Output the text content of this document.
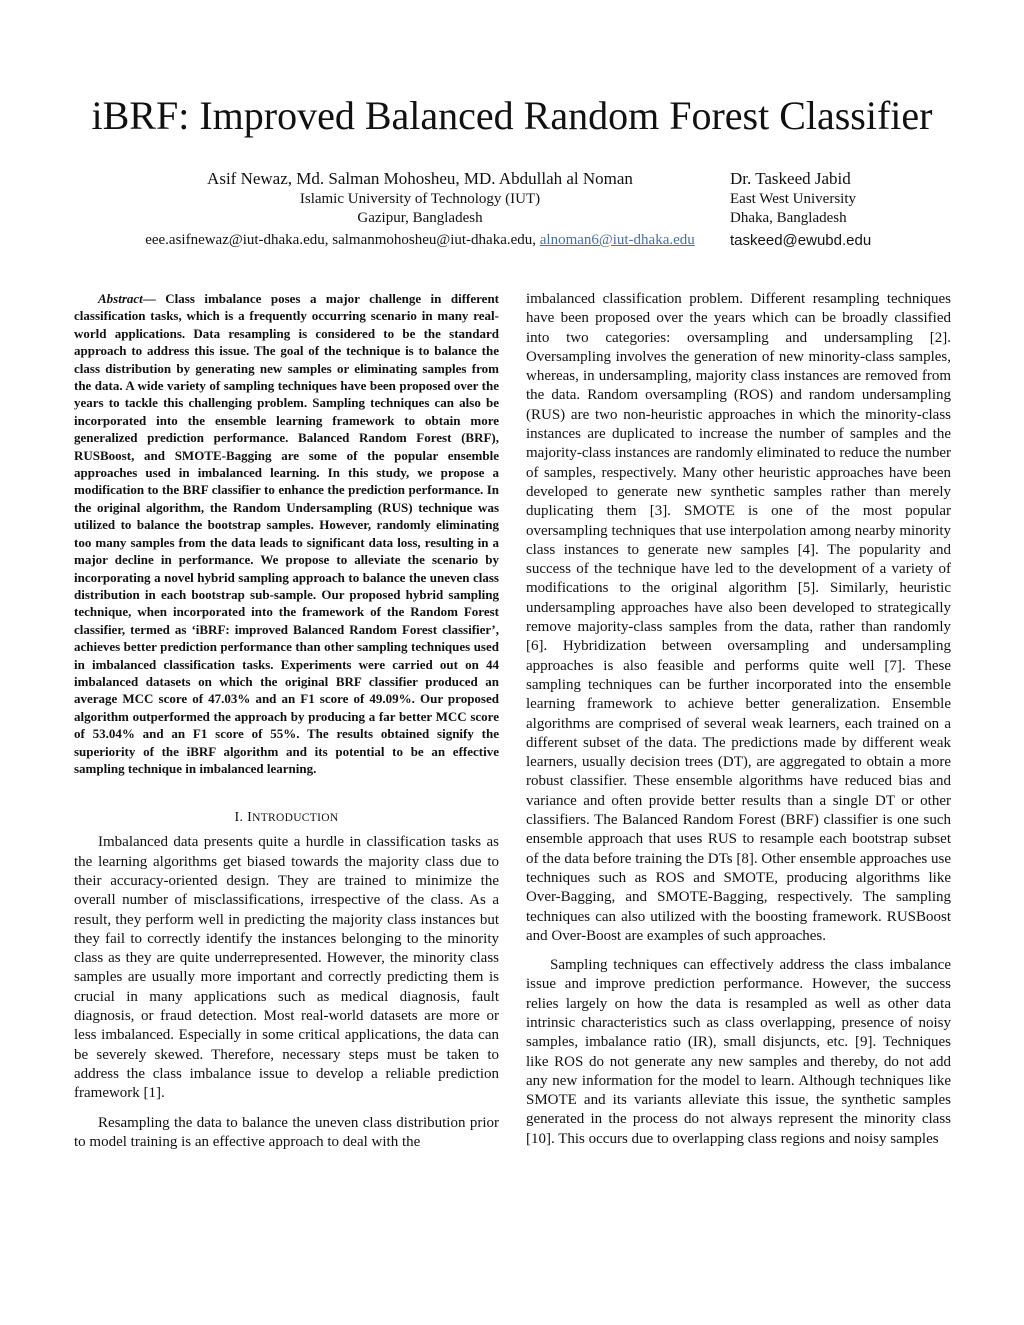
iBRF: Improved Balanced Random Forest Classifier
Asif Newaz, Md. Salman Mohosheu, MD. Abdullah al Noman
Islamic University of Technology (IUT)
Gazipur, Bangladesh
eee.asifnewaz@iut-dhaka.edu, salmanmohosheu@iut-dhaka.edu, alnoman6@iut-dhaka.edu
Dr. Taskeed Jabid
East West University
Dhaka, Bangladesh
taskeed@ewubd.edu

Abstract— Class imbalance poses a major challenge in different classification tasks, which is a frequently occurring scenario in many real-world applications. Data resampling is considered to be the standard approach to address this issue. The goal of the technique is to balance the class distribution by generating new samples or eliminating samples from the data. A wide variety of sampling techniques have been proposed over the years to tackle this challenging problem. Sampling techniques can also be incorporated into the ensemble learning framework to obtain more generalized prediction performance. Balanced Random Forest (BRF), RUSBoost, and SMOTE-Bagging are some of the popular ensemble approaches used in imbalanced learning. In this study, we propose a modification to the BRF classifier to enhance the prediction performance. In the original algorithm, the Random Undersampling (RUS) technique was utilized to balance the bootstrap samples. However, randomly eliminating too many samples from the data leads to significant data loss, resulting in a major decline in performance. We propose to alleviate the scenario by incorporating a novel hybrid sampling approach to balance the uneven class distribution in each bootstrap sub-sample. Our proposed hybrid sampling technique, when incorporated into the framework of the Random Forest classifier, termed as ‘iBRF: improved Balanced Random Forest classifier’, achieves better prediction performance than other sampling techniques used in imbalanced classification tasks. Experiments were carried out on 44 imbalanced datasets on which the original BRF classifier produced an average MCC score of 47.03% and an F1 score of 49.09%. Our proposed algorithm outperformed the approach by producing a far better MCC score of 53.04% and an F1 score of 55%. The results obtained signify the superiority of the iBRF algorithm and its potential to be an effective sampling technique in imbalanced learning.

I. INTRODUCTION

Imbalanced data presents quite a hurdle in classification tasks as the learning algorithms get biased towards the majority class due to their accuracy-oriented design. They are trained to minimize the overall number of misclassifications, irrespective of the class. As a result, they perform well in predicting the majority class instances but they fail to correctly identify the instances belonging to the minority class as they are quite underrepresented. However, the minority class samples are usually more important and correctly predicting them is crucial in many applications such as medical diagnosis, fault diagnosis, or fraud detection. Most real-world datasets are more or less imbalanced. Especially in some critical applications, the data can be severely skewed. Therefore, necessary steps must be taken to address the class imbalance issue to develop a reliable prediction framework [1].

Resampling the data to balance the uneven class distribution prior to model training is an effective approach to deal with the

imbalanced classification problem. Different resampling techniques have been proposed over the years which can be broadly classified into two categories: oversampling and undersampling [2]. Oversampling involves the generation of new minority-class samples, whereas, in undersampling, majority class instances are removed from the data. Random oversampling (ROS) and random undersampling (RUS) are two non-heuristic approaches in which the minority-class instances are duplicated to increase the number of samples and the majority-class instances are randomly eliminated to reduce the number of samples, respectively. Many other heuristic approaches have been developed to generate new synthetic samples rather than merely duplicating them [3]. SMOTE is one of the most popular oversampling techniques that use interpolation among nearby minority class instances to generate new samples [4]. The popularity and success of the technique have led to the development of a variety of modifications to the original algorithm [5]. Similarly, heuristic undersampling approaches have also been developed to strategically remove majority-class samples from the data, rather than randomly [6]. Hybridization between oversampling and undersampling approaches is also feasible and performs quite well [7]. These sampling techniques can be further incorporated into the ensemble learning framework to achieve better generalization. Ensemble algorithms are comprised of several weak learners, each trained on a different subset of the data. The predictions made by different weak learners, usually decision trees (DT), are aggregated to obtain a more robust classifier. These ensemble algorithms have reduced bias and variance and often provide better results than a single DT or other classifiers. The Balanced Random Forest (BRF) classifier is one such ensemble approach that uses RUS to resample each bootstrap subset of the data before training the DTs [8]. Other ensemble approaches use techniques such as ROS and SMOTE, producing algorithms like Over-Bagging, and SMOTE-Bagging, respectively. The sampling techniques can also utilized with the boosting framework. RUSBoost and Over-Boost are examples of such approaches.

Sampling techniques can effectively address the class imbalance issue and improve prediction performance. However, the success relies largely on how the data is resampled as well as other data intrinsic characteristics such as class overlapping, presence of noisy samples, imbalance ratio (IR), small disjuncts, etc. [9]. Techniques like ROS do not generate any new samples and thereby, do not add any new information for the model to learn. Although techniques like SMOTE and its variants alleviate this issue, the synthetic samples generated in the process do not always represent the minority class [10]. This occurs due to overlapping class regions and noisy samples
